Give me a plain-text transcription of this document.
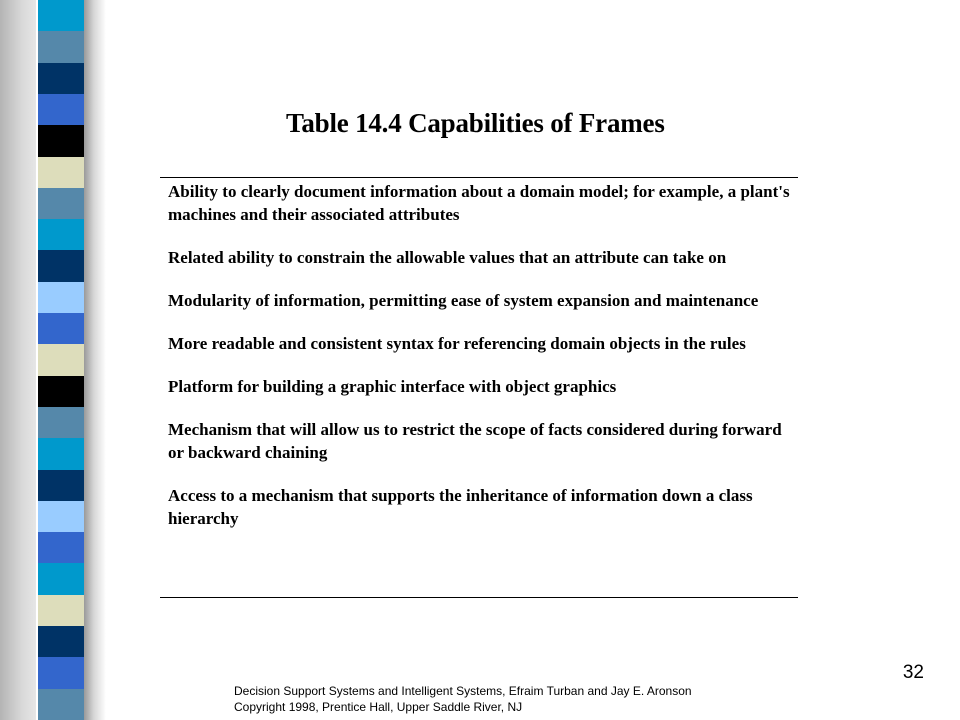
Table 14.4 Capabilities of Frames
Ability to clearly document information about a domain model; for example, a plant's machines and their associated attributes
Related ability to constrain the allowable values that an attribute can take on
Modularity of information, permitting ease of system expansion and maintenance
More readable and consistent syntax for referencing domain objects in the rules
Platform for building a graphic interface with object graphics
Mechanism that will allow us to restrict the scope of facts considered during forward or backward chaining
Access to a mechanism that supports the inheritance of information down a class hierarchy
32
Decision Support Systems and Intelligent Systems, Efraim Turban and Jay E. Aronson
Copyright 1998, Prentice Hall, Upper Saddle River, NJ
